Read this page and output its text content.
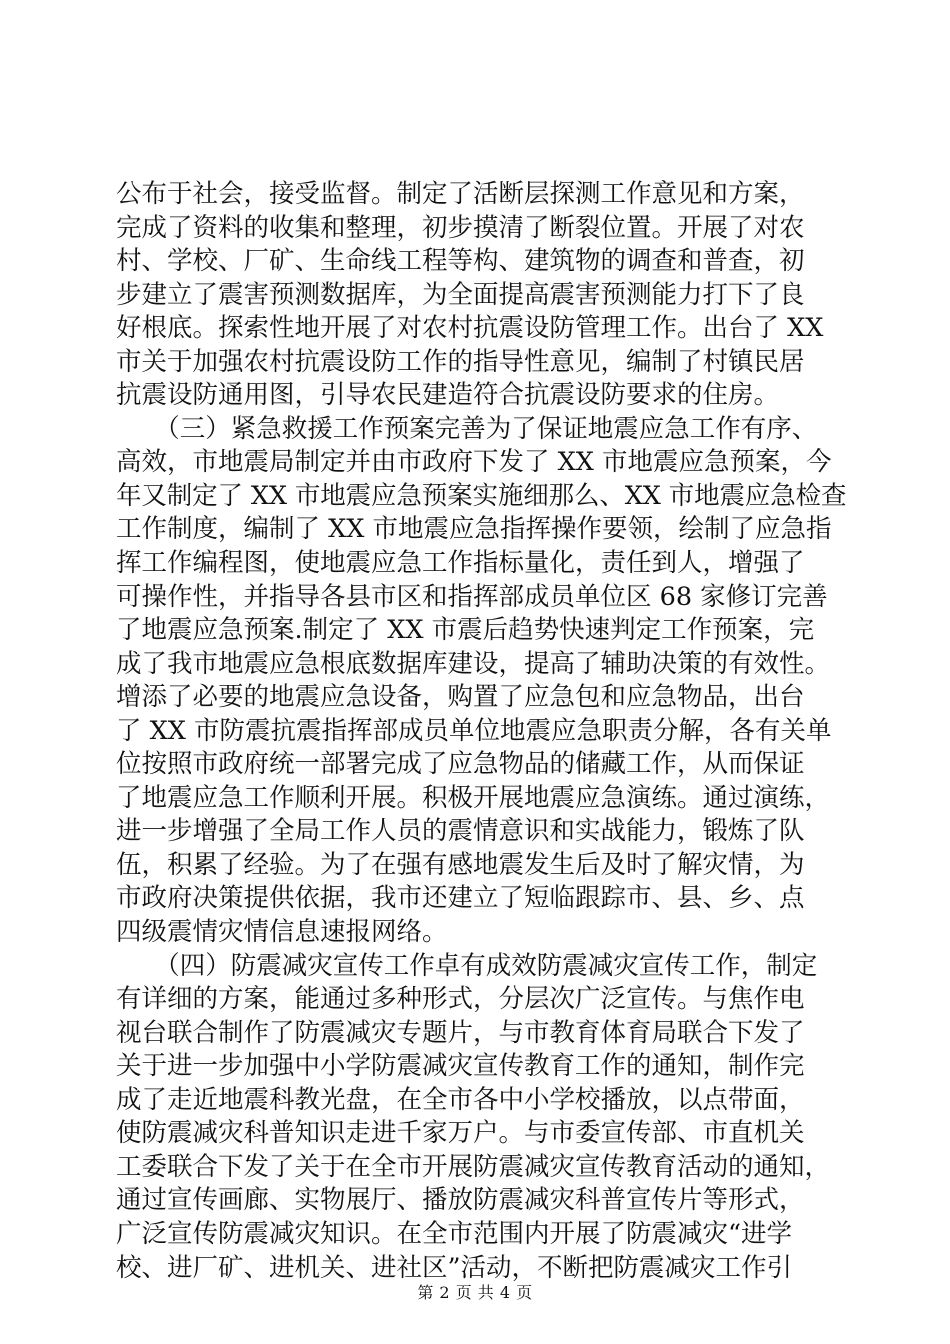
公布于社会，接受监督。制定了活断层探测工作意见和方案，
完成了资料的收集和整理，初步摸清了断裂位置。开展了对农
村、学校、厂矿、生命线工程等构、建筑物的调查和普查，初
步建立了震害预测数据库，为全面提高震害预测能力打下了良
好根底。探索性地开展了对农村抗震设防管理工作。出台了 XX
市关于加强农村抗震设防工作的指导性意见，编制了村镇民居
抗震设防通用图，引导农民建造符合抗震设防要求的住房。
　　（三）紧急救援工作预案完善为了保证地震应急工作有序、
高效，市地震局制定并由市政府下发了 XX 市地震应急预案，今
年又制定了 XX 市地震应急预案实施细那么、XX 市地震应急检查
工作制度，编制了 XX 市地震应急指挥操作要领，绘制了应急指
挥工作编程图，使地震应急工作指标量化，责任到人，增强了
可操作性，并指导各县市区和指挥部成员单位区 68 家修订完善
了地震应急预案.制定了 XX 市震后趋势快速判定工作预案，完
成了我市地震应急根底数据库建设，提高了辅助决策的有效性。
增添了必要的地震应急设备，购置了应急包和应急物品，出台
了 XX 市防震抗震指挥部成员单位地震应急职责分解，各有关单
位按照市政府统一部署完成了应急物品的储藏工作，从而保证
了地震应急工作顺利开展。积极开展地震应急演练。通过演练，
进一步增强了全局工作人员的震情意识和实战能力，锻炼了队
伍，积累了经验。为了在强有感地震发生后及时了解灾情，为
市政府决策提供依据，我市还建立了短临跟踪市、县、乡、点
四级震情灾情信息速报网络。
　　（四）防震减灾宣传工作卓有成效防震减灾宣传工作，制定
有详细的方案，能通过多种形式，分层次广泛宣传。与焦作电
视台联合制作了防震减灾专题片，与市教育体育局联合下发了
关于进一步加强中小学防震减灾宣传教育工作的通知，制作完
成了走近地震科教光盘，在全市各中小学校播放，以点带面，
使防震减灾科普知识走进千家万户。与市委宣传部、市直机关
工委联合下发了关于在全市开展防震减灾宣传教育活动的通知，
通过宣传画廊、实物展厅、播放防震减灾科普宣传片等形式，
广泛宣传防震减灾知识。在全市范围内开展了防震减灾“进学
校、进厂矿、进机关、进社区”活动，不断把防震减灾工作引
第 2 页 共 4 页
